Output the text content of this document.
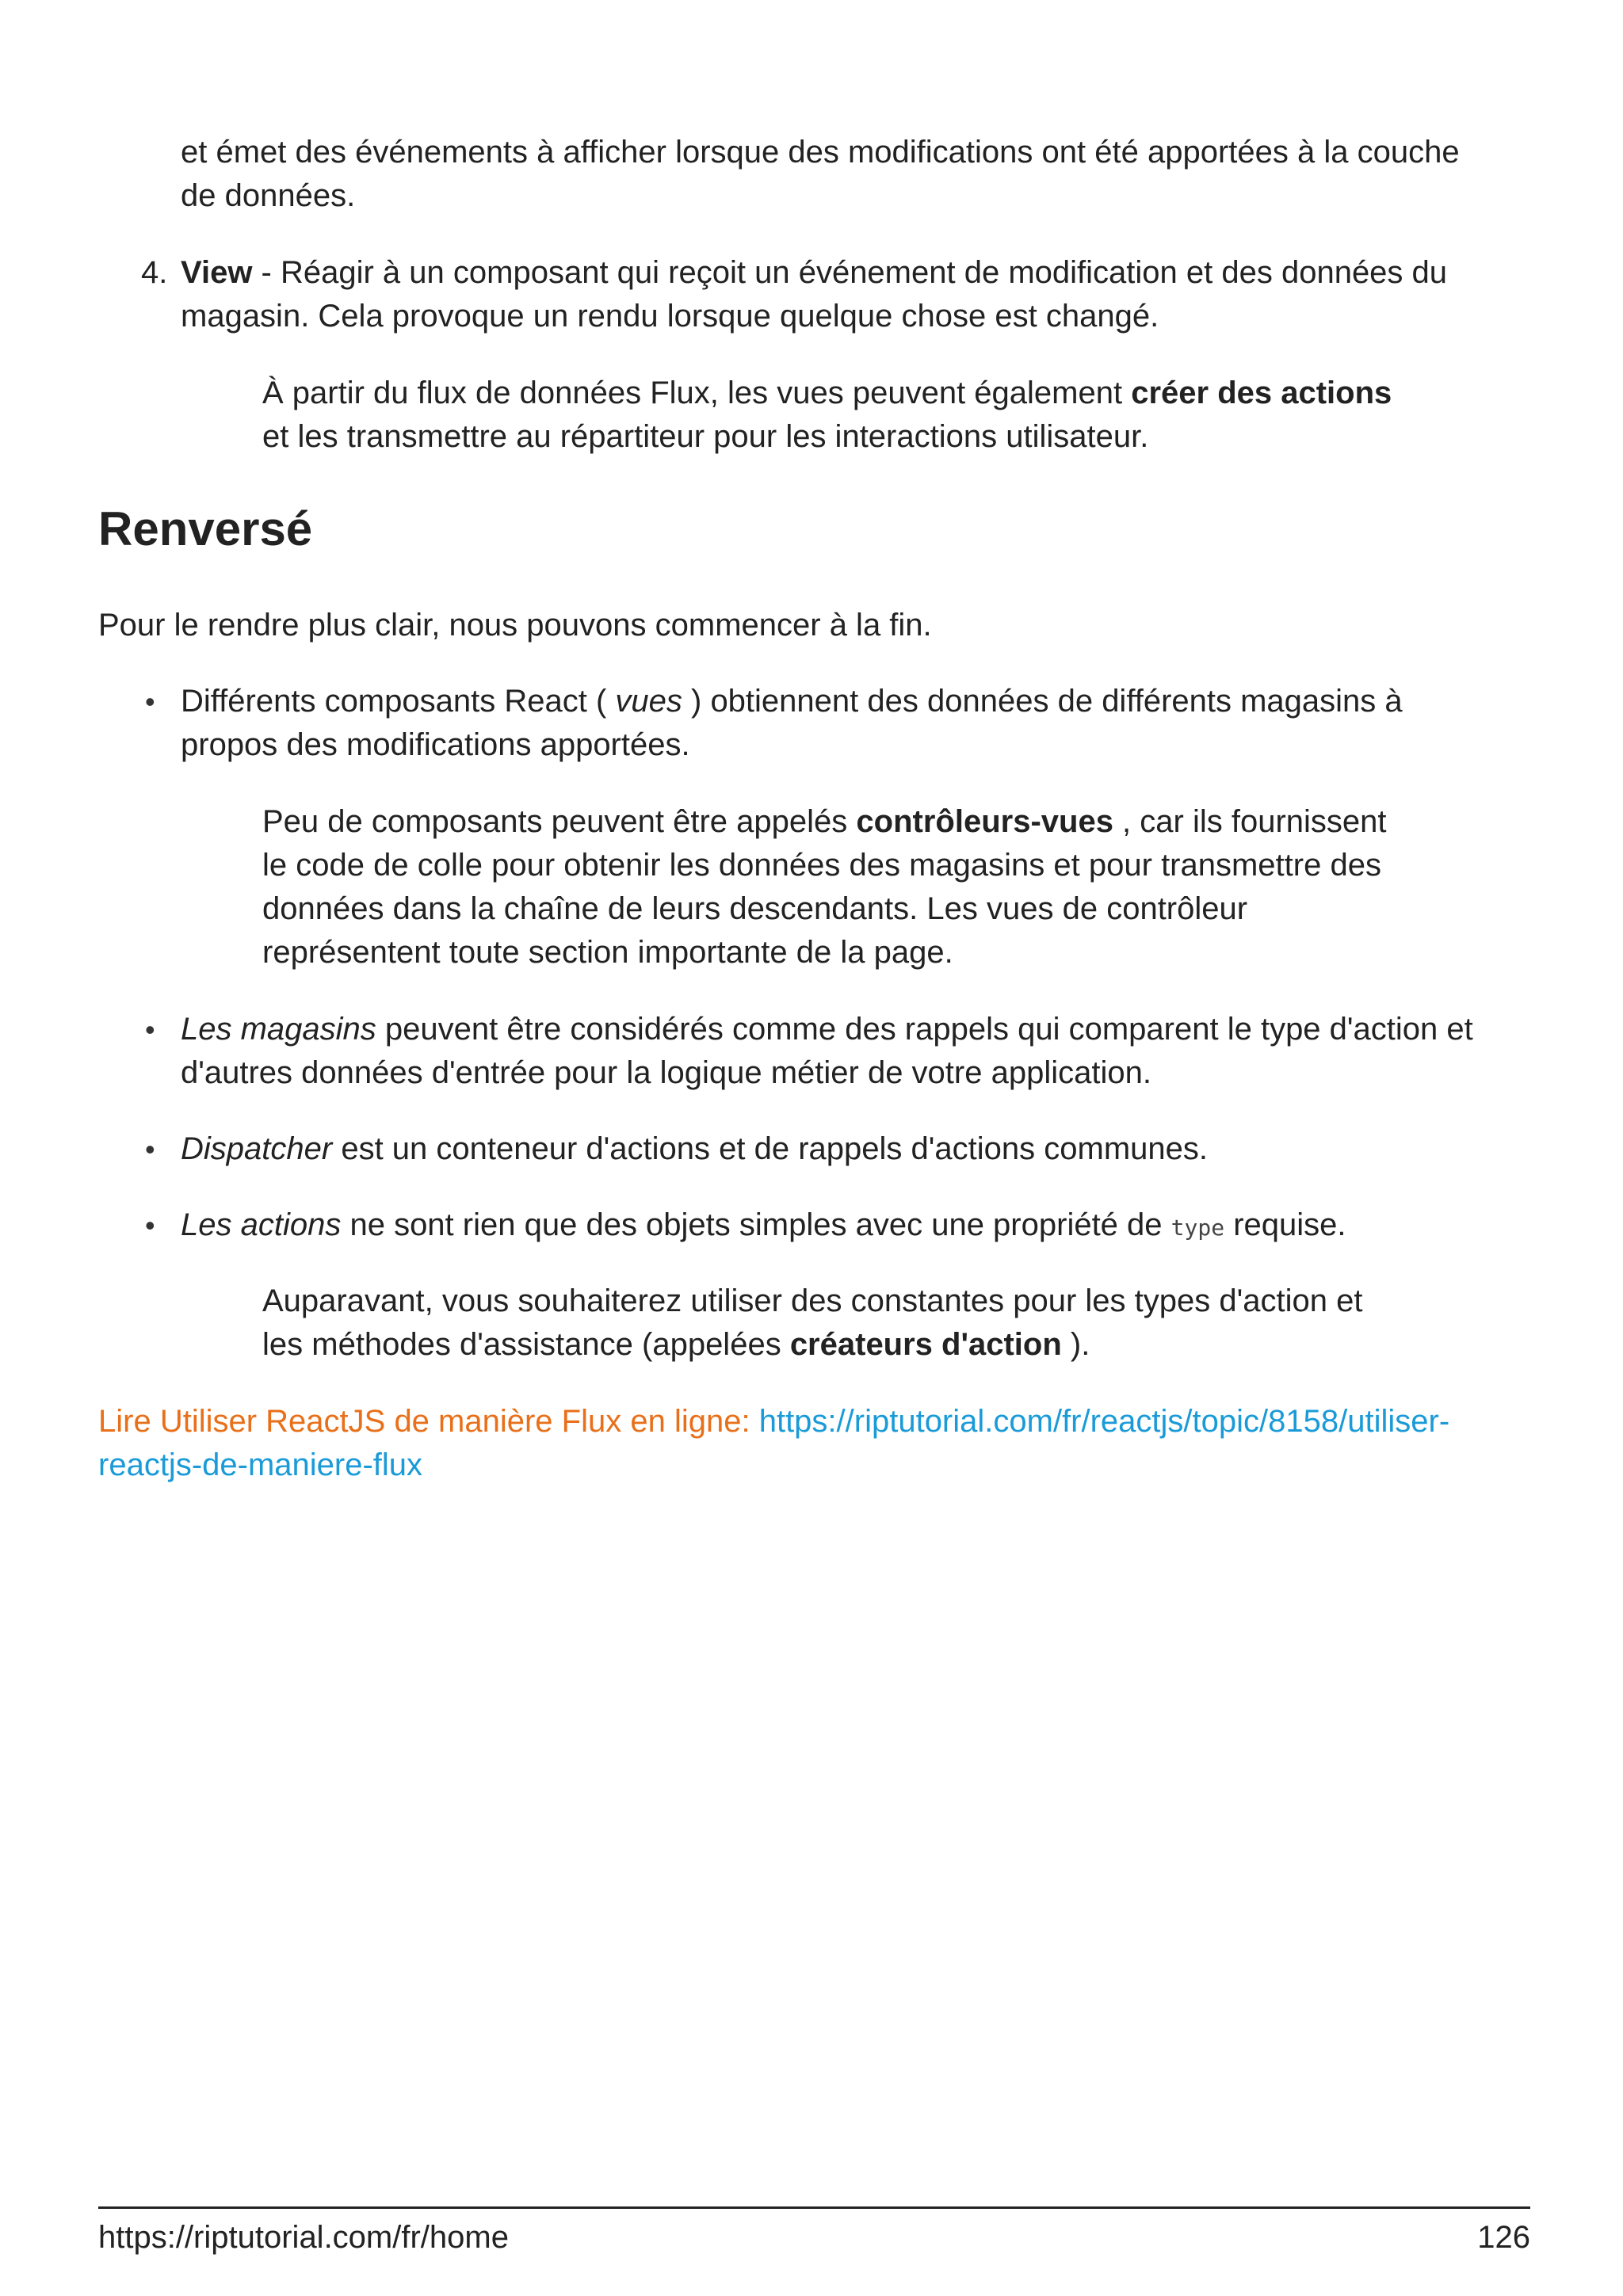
et émet des événements à afficher lorsque des modifications ont été apportées à la couche
de données.

4. View - Réagir à un composant qui reçoit un événement de modification et des données du
magasin. Cela provoque un rendu lorsque quelque chose est changé.

À partir du flux de données Flux, les vues peuvent également créer des actions
et les transmettre au répartiteur pour les interactions utilisateur.

Renversé

Pour le rendre plus clair, nous pouvons commencer à la fin.

• Différents composants React ( vues ) obtiennent des données de différents magasins à
propos des modifications apportées.

Peu de composants peuvent être appelés contrôleurs-vues , car ils fournissent
le code de colle pour obtenir les données des magasins et pour transmettre des
données dans la chaîne de leurs descendants. Les vues de contrôleur
représentent toute section importante de la page.

• Les magasins peuvent être considérés comme des rappels qui comparent le type d'action et
d'autres données d'entrée pour la logique métier de votre application.

• Dispatcher est un conteneur d'actions et de rappels d'actions communes.

• Les actions ne sont rien que des objets simples avec une propriété de type requise.

Auparavant, vous souhaiterez utiliser des constantes pour les types d'action et
les méthodes d'assistance (appelées créateurs d'action ).

Lire Utiliser ReactJS de manière Flux en ligne: https://riptutorial.com/fr/reactjs/topic/8158/utiliser-
reactjs-de-maniere-flux

https://riptutorial.com/fr/home	126
